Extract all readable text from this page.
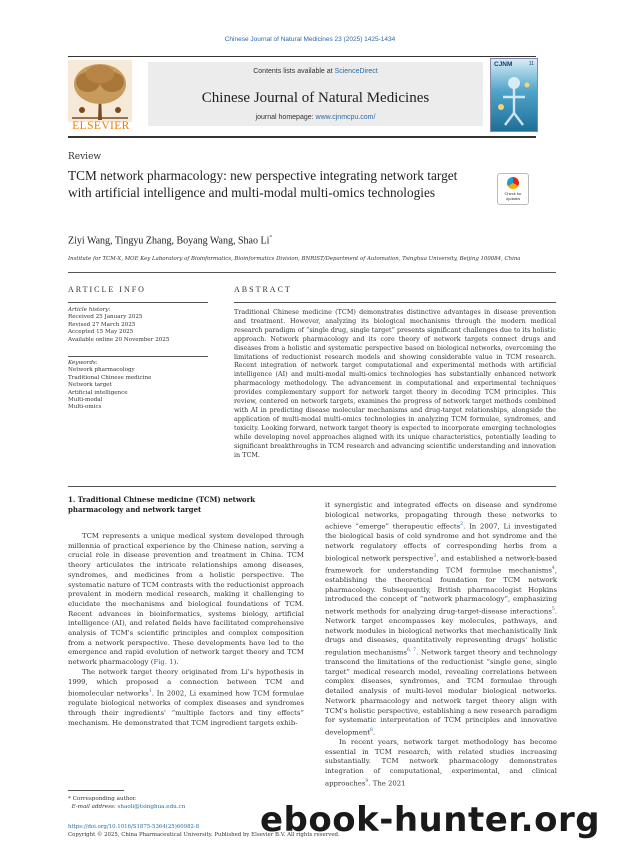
Chinese Journal of Natural Medicines 23 (2025) 1425-1434
ELSEVIER
Contents lists available at ScienceDirect
Chinese Journal of Natural Medicines
journal homepage: www.cjnmcpu.com/
CJNM	11
Review
TCM network pharmacology: new perspective integrating network target with artificial intelligence and multi-modal multi-omics technologies	Check for updates
Ziyi Wang, Tingyu Zhang, Boyang Wang, Shao Li*
Institute for TCM-X, MOE Key Laboratory of Bioinformatics, Bioinformatics Division, BNRIST/Department of Automation, Tsinghua University, Beijing 100084, China
ARTICLE INFO
Article history:
Received 25 January 2025
Revised 27 March 2025
Accepted 15 May 2025
Available online 20 November 2025
Keywords:
Network pharmacology
Traditional Chinese medicine
Network target
Artificial intelligence
Multi-modal
Multi-omics
ABSTRACT
Traditional Chinese medicine (TCM) demonstrates distinctive advantages in disease prevention and treatment. However, analyzing its biological mechanisms through the modern medical research paradigm of “single drug, single target” presents significant challenges due to its holistic approach. Network pharmacology and its core theory of network targets connect drugs and diseases from a holistic and systematic perspective based on biological networks, overcoming the limitations of reductionist research models and showing considerable value in TCM research. Recent integration of network target computational and experimental methods with artificial intelligence (AI) and multi-modal multi-omics technologies has substantially enhanced network pharmacology methodology. The advancement in computational and experimental techniques provides complementary support for network target theory in decoding TCM principles. This review, centered on network targets, examines the progress of network target methods combined with AI in predicting disease molecular mechanisms and drug-target relationships, alongside the application of multi-modal multi-omics technologies in analyzing TCM formulae, syndromes, and toxicity. Looking forward, network target theory is expected to incorporate emerging technologies while developing novel approaches aligned with its unique characteristics, potentially leading to significant breakthroughs in TCM research and advancing scientific understanding and innovation in TCM.
1. Traditional Chinese medicine (TCM) network pharmacology and network target

TCM represents a unique medical system developed through millennia of practical experience by the Chinese nation, serving a crucial role in disease prevention and treatment in China. TCM theory articulates the intricate relationships among diseases, syndromes, and medicines from a holistic perspective. The systematic nature of TCM contrasts with the reductionist approach prevalent in modern medical research, making it challenging to elucidate the mechanisms and biological foundations of TCM. Recent advances in bioinformatics, systems biology, artificial intelligence (AI), and related fields have facilitated comprehensive analysis of TCM's scientific principles and complex composition from a network perspective. These developments have led to the emergence and rapid evolution of network target theory and TCM network pharmacology (Fig. 1).

The network target theory originated from Li's hypothesis in 1999, which proposed a connection between TCM and biomolecular networks$^1$. In 2002, Li examined how TCM formulae regulate biological networks of complex diseases and syndromes through their ingredients' “multiple factors and tiny effects” mechanism. He demonstrated that TCM ingredient targets exhib-

it synergistic and integrated effects on disease and syndrome biological networks, propagating through these networks to achieve “emerge” therapeutic effects$^2$. In 2007, Li investigated the biological basis of cold syndrome and hot syndrome and the network regulatory effects of corresponding herbs from a biological network perspective$^3$, and established a network-based framework for understanding TCM formulae mechanisms$^4$, establishing the theoretical foundation for TCM network pharmacology. Subsequently, British pharmacologist Hopkins introduced the concept of “network pharmacology”, emphasizing network methods for analyzing drug-target-disease interactions$^5$. Network target encompasses key molecules, pathways, and network modules in biological networks that mechanistically link drugs and diseases, quantitatively representing drugs' holistic regulation mechanisms$^{6, 7}$. Network target theory and technology transcend the limitations of the reductionist “single gene, single target” medical research model, revealing correlations between complex diseases, syndromes, and TCM formulae through detailed analysis of multi-level modular biological networks. Network pharmacology and network target theory align with TCM's holistic perspective, establishing a new research paradigm for systematic interpretation of TCM principles and innovative development$^8$.

In recent years, network target methodology has become essential in TCM research, with related studies increasing substantially. TCM network pharmacology demonstrates integration of computational, experimental, and clinical approaches$^9$. The 2021

* Corresponding author.
E-mail address: shaoli@tsinghua.edu.cn
https://doi.org/10.1016/S1875-5364(25)60982-8
Copyright © 2025, China Pharmaceutical University. Published by Elsevier B.V. All rights reserved.
ebook-hunter.org
